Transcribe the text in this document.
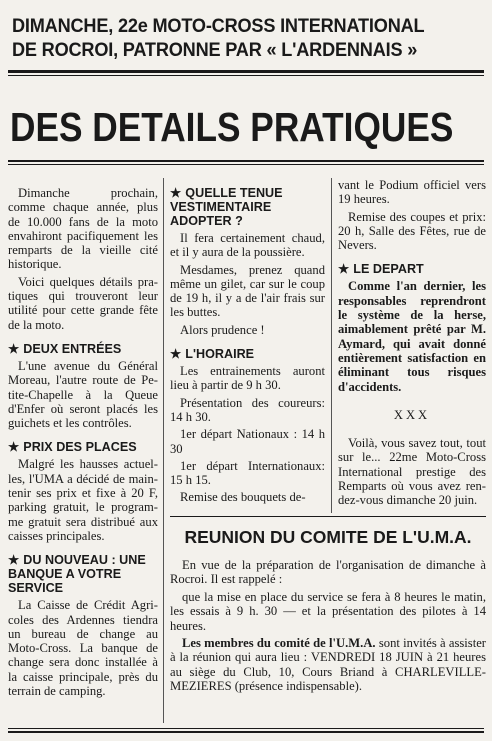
DIMANCHE, 22e MOTO-CROSS INTERNATIONAL
DE ROCROI, PATRONNE PAR « L'ARDENNAIS »
DES DETAILS PRATIQUES

Dimanche prochain, comme chaque année, plus de 10.000 fans de la moto envahiront pacifiquement les remparts de la vieille cité historique.

Voici quelques détails pratiques qui trouveront leur utilité pour cette grande fête de la moto.

★ DEUX ENTRÉES

L'une avenue du Général Moreau, l'autre route de Petite-Chapelle à la Queue d'Enfer où seront placés les guichets et les contrôles.

★ PRIX DES PLACES

Malgré les hausses actuelles, l'UMA a décidé de maintenir ses prix et fixe à 20 F, parking gratuit, le programme gratuit sera distribué aux caisses principales.

★ DU NOUVEAU : UNE BANQUE A VOTRE SERVICE

La Caisse de Crédit Agricoles des Ardennes tiendra un bureau de change au Moto-Cross. La banque de change sera donc installée à la caisse principale, près du terrain de camping.

★ QUELLE TENUE VESTIMENTAIRE ADOPTER ?

Il fera certainement chaud, et il y aura de la poussière.

Mesdames, prenez quand même un gilet, car sur le coup de 19 h, il y a de l'air frais sur les buttes.

Alors prudence !

★ L'HORAIRE

Les entrainements auront lieu à partir de 9 h 30.

Présentation des coureurs: 14 h 30.

1er départ Nationaux : 14 h 30

1er départ Internationaux: 15 h 15.

Remise des bouquets de-

vant le Podium officiel vers 19 heures.

Remise des coupes et prix: 20 h, Salle des Fêtes, rue de Nevers.

★ LE DEPART

Comme l'an dernier, les responsables reprendront le système de la herse, aimablement prêté par M. Aymard, qui avait donné entièrement satisfaction en éliminant tous risques d'accidents.

XXX

Voilà, vous savez tout, tout sur le... 22me Moto-Cross International prestige des Remparts où vous avez rendez-vous dimanche 20 juin.

REUNION DU COMITE DE L'U.M.A.

En vue de la préparation de l'organisation de dimanche à Rocroi. Il est rappelé :

que la mise en place du service se fera à 8 heures le matin, les essais à 9 h. 30 — et la présentation des pilotes à 14 heures.

Les membres du comité de l'U.M.A. sont invités à assister à la réunion qui aura lieu : VENDREDI 18 JUIN à 21 heures au siège du Club, 10, Cours Briand à CHARLEVILLE-MEZIERES (présence indispensable).
